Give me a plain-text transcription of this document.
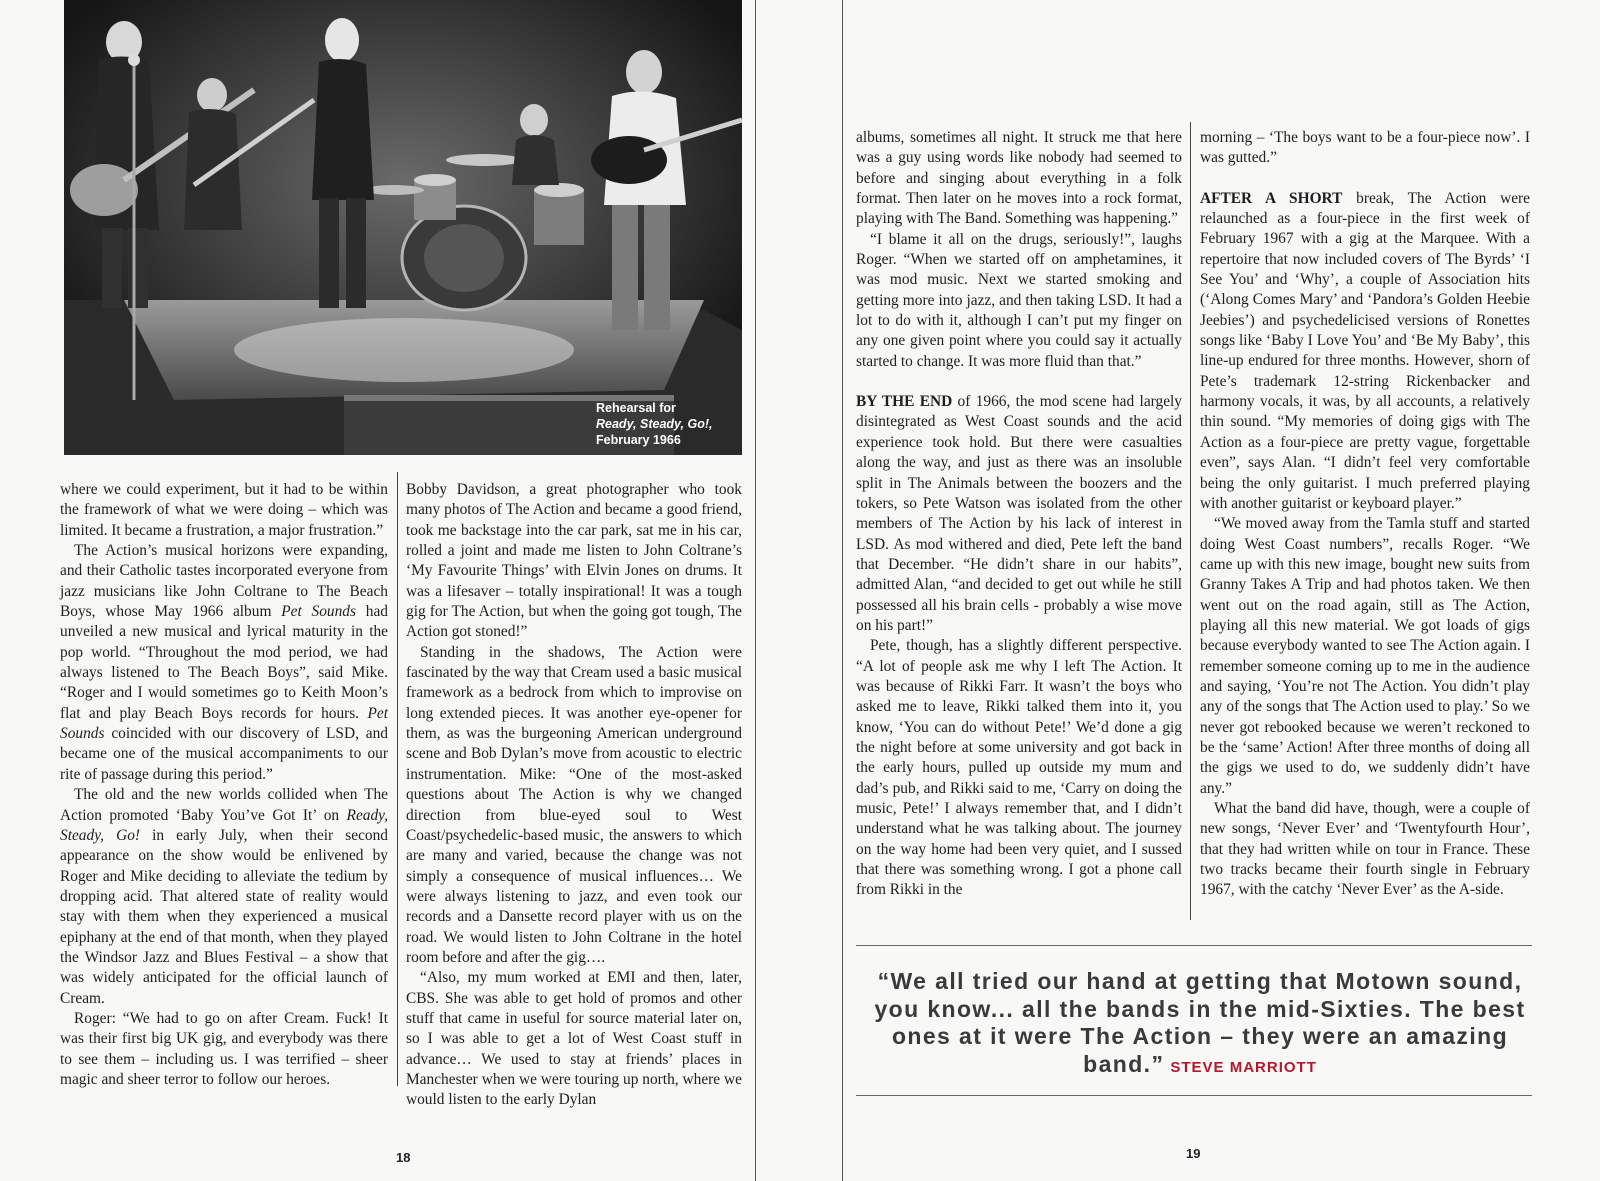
Rehearsal for
Ready, Steady, Go!,
February 1966

where we could experiment, but it had to be within the framework of what we were doing – which was limited. It became a frustration, a major frustration.”

The Action’s musical horizons were expanding, and their Catholic tastes incorporated everyone from jazz musicians like John Coltrane to The Beach Boys, whose May 1966 album Pet Sounds had unveiled a new musical and lyrical maturity in the pop world. “Throughout the mod period, we had always listened to The Beach Boys”, said Mike. “Roger and I would sometimes go to Keith Moon’s flat and play Beach Boys records for hours. Pet Sounds coincided with our discovery of LSD, and became one of the musical accompaniments to our rite of passage during this period.”

The old and the new worlds collided when The Action promoted ‘Baby You’ve Got It’ on Ready, Steady, Go! in early July, when their second appearance on the show would be enlivened by Roger and Mike deciding to alleviate the tedium by dropping acid. That altered state of reality would stay with them when they experienced a musical epiphany at the end of that month, when they played the Windsor Jazz and Blues Festival – a show that was widely anticipated for the official launch of Cream.

Roger: “We had to go on after Cream. Fuck! It was their first big UK gig, and everybody was there to see them – including us. I was terrified – sheer magic and sheer terror to follow our heroes.

Bobby Davidson, a great photographer who took many photos of The Action and became a good friend, took me backstage into the car park, sat me in his car, rolled a joint and made me listen to John Coltrane’s ‘My Favourite Things’ with Elvin Jones on drums. It was a lifesaver – totally inspirational! It was a tough gig for The Action, but when the going got tough, The Action got stoned!”

Standing in the shadows, The Action were fascinated by the way that Cream used a basic musical framework as a bedrock from which to improvise on long extended pieces. It was another eye-opener for them, as was the burgeoning American underground scene and Bob Dylan’s move from acoustic to electric instrumentation. Mike: “One of the most-asked questions about The Action is why we changed direction from blue-eyed soul to West Coast/psychedelic-based music, the answers to which are many and varied, because the change was not simply a consequence of musical influences… We were always listening to jazz, and even took our records and a Dansette record player with us on the road. We would listen to John Coltrane in the hotel room before and after the gig….

“Also, my mum worked at EMI and then, later, CBS. She was able to get hold of promos and other stuff that came in useful for source material later on, so I was able to get a lot of West Coast stuff in advance… We used to stay at friends’ places in Manchester when we were touring up north, where we would listen to the early Dylan

18

albums, sometimes all night. It struck me that here was a guy using words like nobody had seemed to before and singing about everything in a folk format. Then later on he moves into a rock format, playing with The Band. Something was happening.”

“I blame it all on the drugs, seriously!”, laughs Roger. “When we started off on amphetamines, it was mod music. Next we started smoking and getting more into jazz, and then taking LSD. It had a lot to do with it, although I can’t put my finger on any one given point where you could say it actually started to change. It was more fluid than that.”

BY THE END of 1966, the mod scene had largely disintegrated as West Coast sounds and the acid experience took hold. But there were casualties along the way, and just as there was an insoluble split in The Animals between the boozers and the tokers, so Pete Watson was isolated from the other members of The Action by his lack of interest in LSD. As mod withered and died, Pete left the band that December. “He didn’t share in our habits”, admitted Alan, “and decided to get out while he still possessed all his brain cells - probably a wise move on his part!”

Pete, though, has a slightly different perspective. “A lot of people ask me why I left The Action. It was because of Rikki Farr. It wasn’t the boys who asked me to leave, Rikki talked them into it, you know, ‘You can do without Pete!’ We’d done a gig the night before at some university and got back in the early hours, pulled up outside my mum and dad’s pub, and Rikki said to me, ‘Carry on doing the music, Pete!’ I always remember that, and I didn’t understand what he was talking about. The journey on the way home had been very quiet, and I sussed that there was something wrong. I got a phone call from Rikki in the

morning – ‘The boys want to be a four-piece now’. I was gutted.”

AFTER A SHORT break, The Action were relaunched as a four-piece in the first week of February 1967 with a gig at the Marquee. With a repertoire that now included covers of The Byrds’ ‘I See You’ and ‘Why’, a couple of Association hits (‘Along Comes Mary’ and ‘Pandora’s Golden Heebie Jeebies’) and psychedelicised versions of Ronettes songs like ‘Baby I Love You’ and ‘Be My Baby’, this line-up endured for three months. However, shorn of Pete’s trademark 12-string Rickenbacker and harmony vocals, it was, by all accounts, a relatively thin sound. “My memories of doing gigs with The Action as a four-piece are pretty vague, forgettable even”, says Alan. “I didn’t feel very comfortable being the only guitarist. I much preferred playing with another guitarist or keyboard player.”

“We moved away from the Tamla stuff and started doing West Coast numbers”, recalls Roger. “We came up with this new image, bought new suits from Granny Takes A Trip and had photos taken. We then went out on the road again, still as The Action, playing all this new material. We got loads of gigs because everybody wanted to see The Action again. I remember someone coming up to me in the audience and saying, ‘You’re not The Action. You didn’t play any of the songs that The Action used to play.’ So we never got rebooked because we weren’t reckoned to be the ‘same’ Action! After three months of doing all the gigs we used to do, we suddenly didn’t have any.”

What the band did have, though, were a couple of new songs, ‘Never Ever’ and ‘Twentyfourth Hour’, that they had written while on tour in France. These two tracks became their fourth single in February 1967, with the catchy ‘Never Ever’ as the A-side.

“We all tried our hand at getting that Motown sound, you know... all the bands in the mid-Sixties. The best ones at it were The Action – they were an amazing band.” STEVE MARRIOTT
19
